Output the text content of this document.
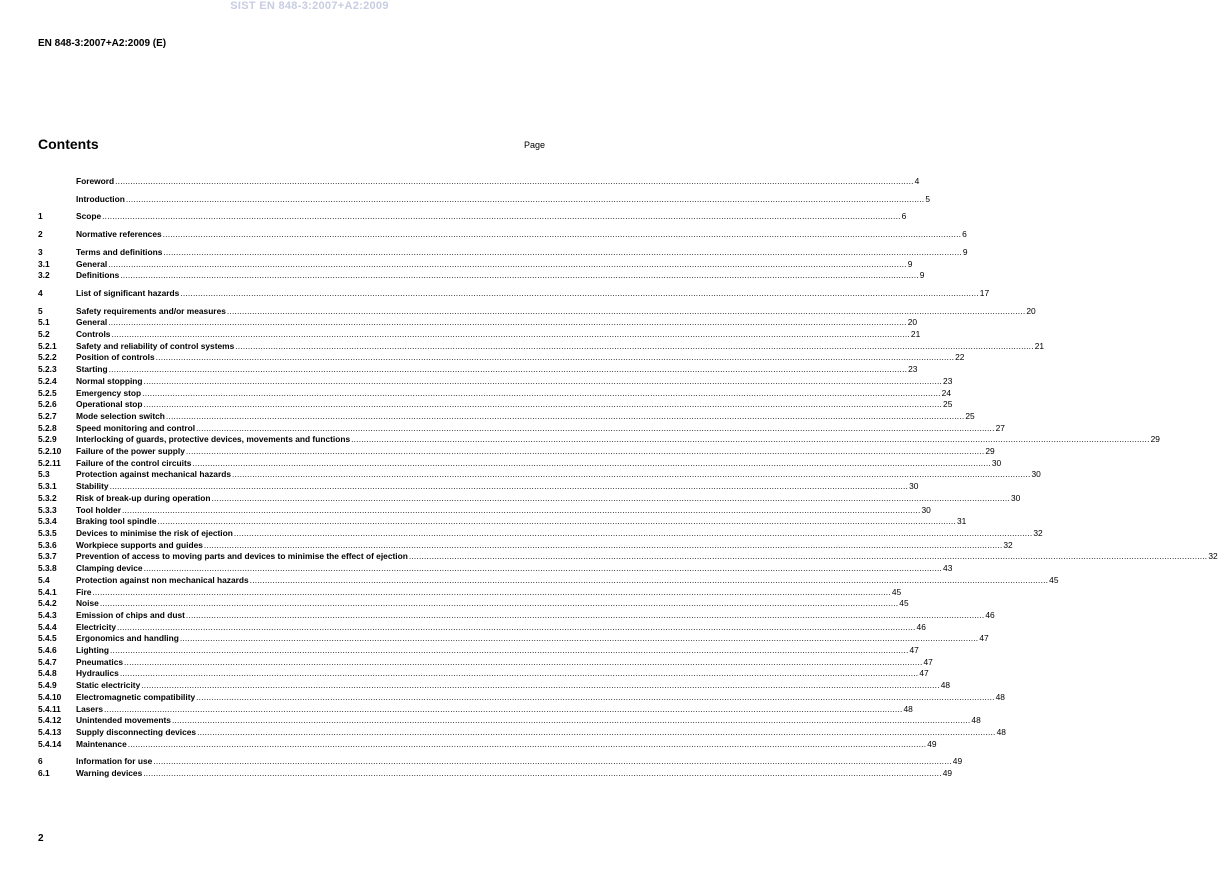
SIST EN 848-3:2007+A2:2009
EN 848-3:2007+A2:2009 (E)
Contents	Page
Foreword .....	4
Introduction .....	5
1	Scope .....	6
2	Normative references .....	6
3	Terms and definitions .....	9
3.1	General .....	9
3.2	Definitions .....	9
4	List of significant hazards .....	17
5	Safety requirements and/or measures .....	20
5.1	General .....	20
5.2	Controls .....	21
5.2.1	Safety and reliability of control systems .....	21
5.2.2	Position of controls .....	22
5.2.3	Starting .....	23
5.2.4	Normal stopping .....	23
5.2.5	Emergency stop .....	24
5.2.6	Operational stop .....	25
5.2.7	Mode selection switch .....	25
5.2.8	Speed monitoring and control .....	27
5.2.9	Interlocking of guards, protective devices, movements and functions .....	29
5.2.10	Failure of the power supply .....	29
5.2.11	Failure of the control circuits .....	30
5.3	Protection against mechanical hazards .....	30
5.3.1	Stability .....	30
5.3.2	Risk of break-up during operation .....	30
5.3.3	Tool holder .....	30
5.3.4	Braking tool spindle .....	31
5.3.5	Devices to minimise the risk of ejection .....	32
5.3.6	Workpiece supports and guides .....	32
5.3.7	Prevention of access to moving parts and devices to minimise the effect of ejection .....	32
5.3.8	Clamping device .....	43
5.4	Protection against non mechanical hazards .....	45
5.4.1	Fire .....	45
5.4.2	Noise .....	45
5.4.3	Emission of chips and dust .....	46
5.4.4	Electricity .....	46
5.4.5	Ergonomics and handling .....	47
5.4.6	Lighting .....	47
5.4.7	Pneumatics .....	47
5.4.8	Hydraulics .....	47
5.4.9	Static electricity .....	48
5.4.10	Electromagnetic compatibility .....	48
5.4.11	Lasers .....	48
5.4.12	Unintended movements .....	48
5.4.13	Supply disconnecting devices .....	48
5.4.14	Maintenance .....	49
6	Information for use .....	49
6.1	Warning devices .....	49
2
